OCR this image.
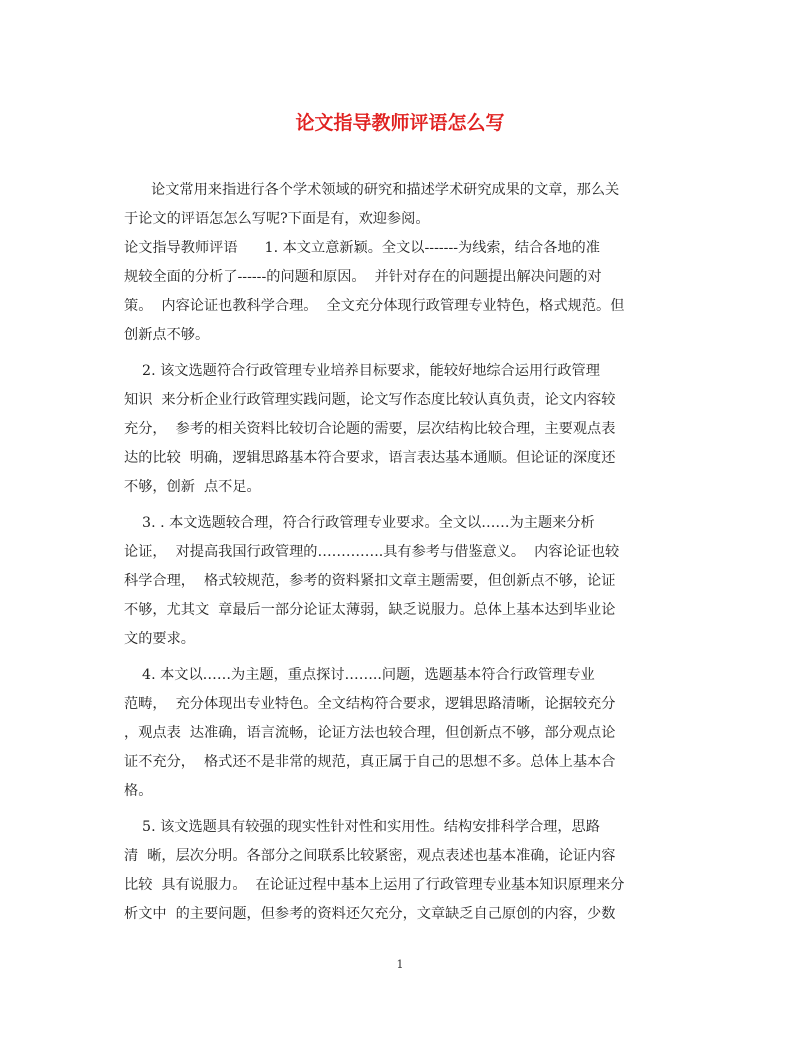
论文指导教师评语怎么写
论文常用来指进行各个学术领域的研究和描述学术研究成果的文章，那么关
于论文的评语怎怎么写呢?下面是有，欢迎参阅。
论文指导教师评语      1. 本文立意新颖。全文以-------为线索，结合各地的准
规较全面的分析了------的问题和原因。  并针对存在的问题提出解决问题的对
策。  内容论证也教科学合理。  全文充分体现行政管理专业特色，格式规范。但
创新点不够。
2. 该文选题符合行政管理专业培养目标要求，能较好地综合运用行政管理
知识  来分析企业行政管理实践问题，论文写作态度比较认真负责，论文内容较
充分，  参考的相关资料比较切合论题的需要，层次结构比较合理，主要观点表
达的比较  明确，逻辑思路基本符合要求，语言表达基本通顺。但论证的深度还
不够，创新  点不足。
3. . 本文选题较合理，符合行政管理专业要求。全文以……为主题来分析
论证，  对提高我国行政管理的…………..具有参考与借鉴意义。  内容论证也较
科学合理，  格式较规范，参考的资料紧扣文章主题需要，但创新点不够，论证
不够，尤其文  章最后一部分论证太薄弱，缺乏说服力。总体上基本达到毕业论
文的要求。
4. 本文以……为主题，重点探讨……..问题，选题基本符合行政管理专业
范畴，  充分体现出专业特色。全文结构符合要求，逻辑思路清晰，论据较充分
，观点表  达准确，语言流畅，论证方法也较合理，但创新点不够，部分观点论
证不充分，  格式还不是非常的规范，真正属于自己的思想不多。总体上基本合
格。
5. 该文选题具有较强的现实性针对性和实用性。结构安排科学合理，思路
清  晰，层次分明。各部分之间联系比较紧密，观点表述也基本准确，论证内容
比较  具有说服力。  在论证过程中基本上运用了行政管理专业基本知识原理来分
析文中  的主要问题，但参考的资料还欠充分，文章缺乏自己原创的内容，少数
1
